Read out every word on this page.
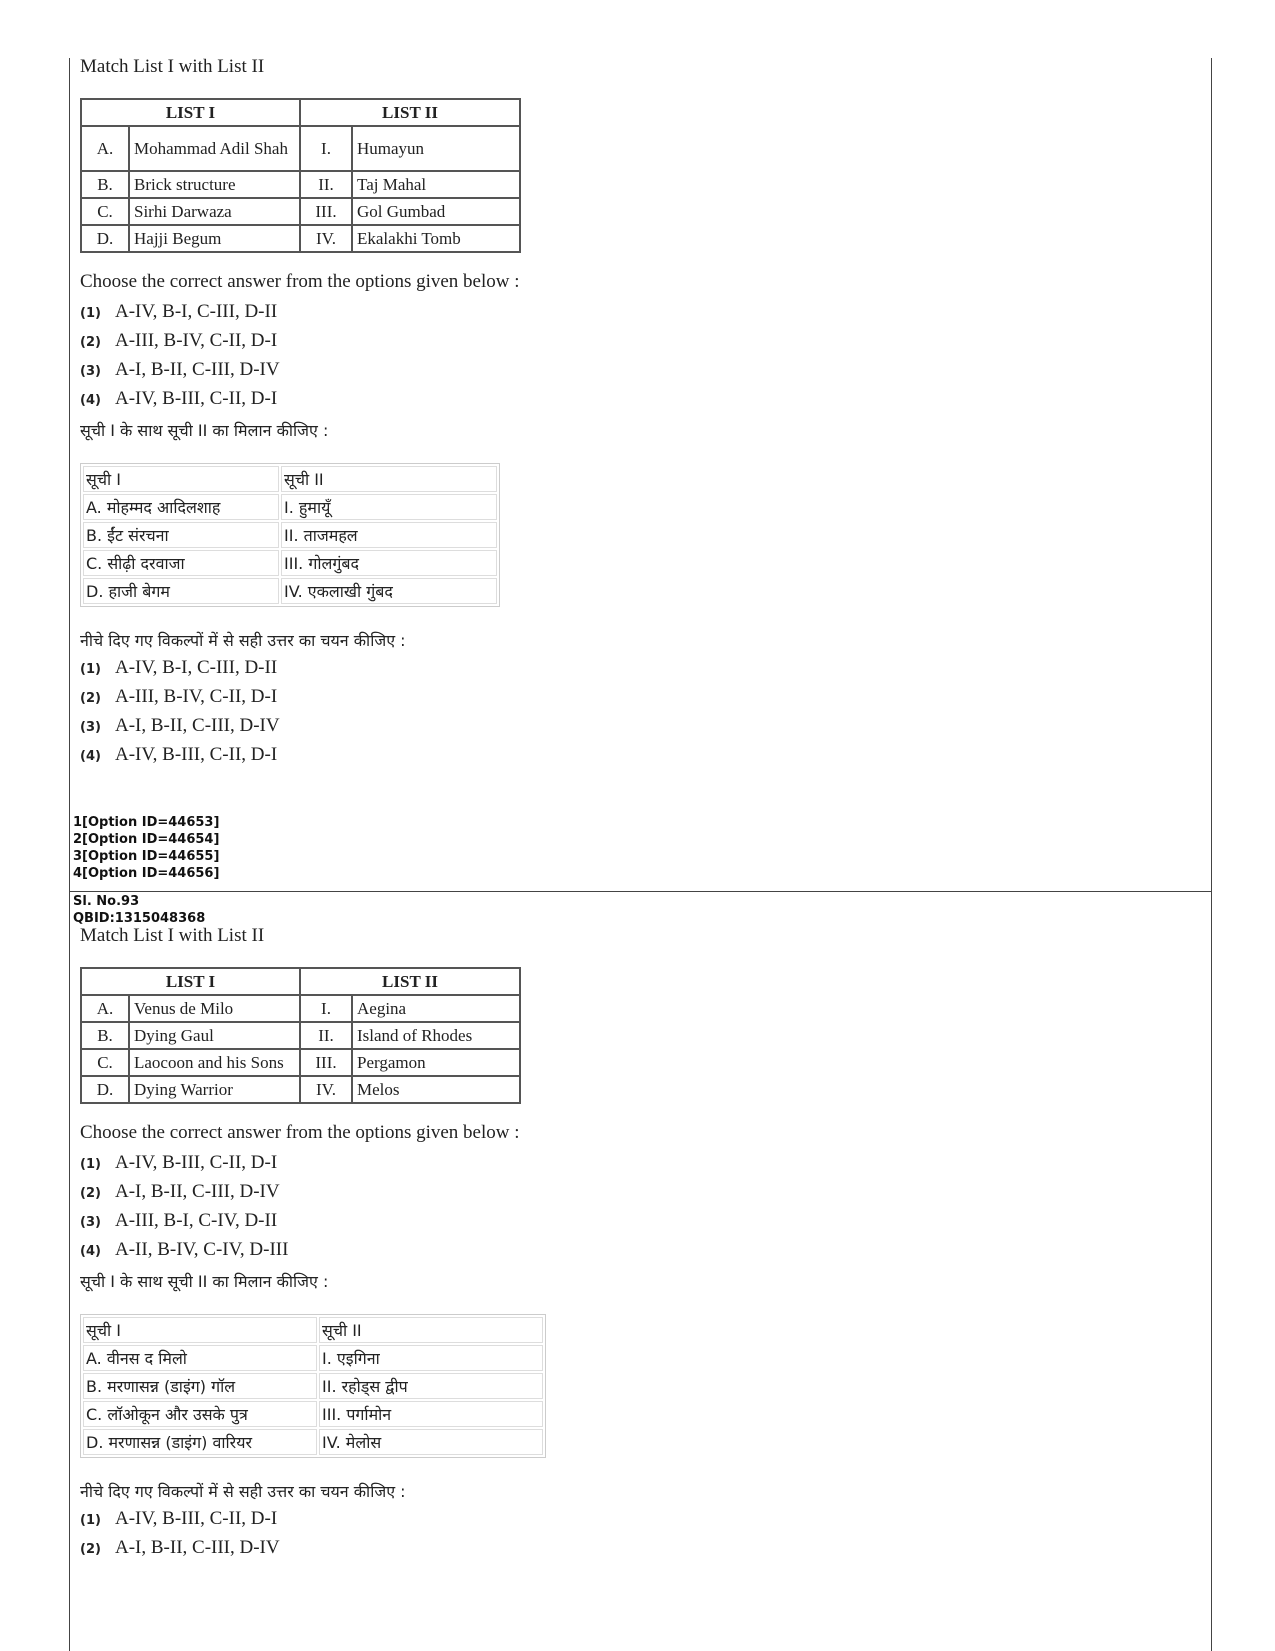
Match List I with List II
LIST I		LIST II	
A.	Mohammad Adil Shah	I.	Humayun
B.	Brick structure	II.	Taj Mahal
C.	Sirhi Darwaza	III.	Gol Gumbad
D.	Hajji Begum	IV.	Ekalakhi Tomb
Choose the correct answer from the options given below :
(1) A-IV, B-I, C-III, D-II
(2) A-III, B-IV, C-II, D-I
(3) A-I, B-II, C-III, D-IV
(4) A-IV, B-III, C-II, D-I
सूची I के साथ सूची II का मिलान कीजिए :
सूची I	सूची II
A. मोहम्मद आदिलशाह	I. हुमायूँ
B. ईंट संरचना	II. ताजमहल
C. सीढ़ी दरवाजा	III. गोलगुंबद
D. हाजी बेगम	IV. एकलाखी गुंबद
नीचे दिए गए विकल्पों में से सही उत्तर का चयन कीजिए :
(1) A-IV, B-I, C-III, D-II
(2) A-III, B-IV, C-II, D-I
(3) A-I, B-II, C-III, D-IV
(4) A-IV, B-III, C-II, D-I
1[Option ID=44653]
2[Option ID=44654]
3[Option ID=44655]
4[Option ID=44656]
Sl. No.93
QBID:1315048368
Match List I with List II
LIST I		LIST II	
A.	Venus de Milo	I.	Aegina
B.	Dying Gaul	II.	Island of Rhodes
C.	Laocoon and his Sons	III.	Pergamon
D.	Dying Warrior	IV.	Melos
Choose the correct answer from the options given below :
(1) A-IV, B-III, C-II, D-I
(2) A-I, B-II, C-III, D-IV
(3) A-III, B-I, C-IV, D-II
(4) A-II, B-IV, C-IV, D-III
सूची I के साथ सूची II का मिलान कीजिए :
सूची I	सूची II
A. वीनस द मिलो	I. एइगिना
B. मरणासन्न (डाइंग) गॉल	II. रहोड्स द्वीप
C. लॉओकून और उसके पुत्र	III. पर्गामोन
D. मरणासन्न (डाइंग) वारियर	IV. मेलोस
नीचे दिए गए विकल्पों में से सही उत्तर का चयन कीजिए :
(1) A-IV, B-III, C-II, D-I
(2) A-I, B-II, C-III, D-IV
